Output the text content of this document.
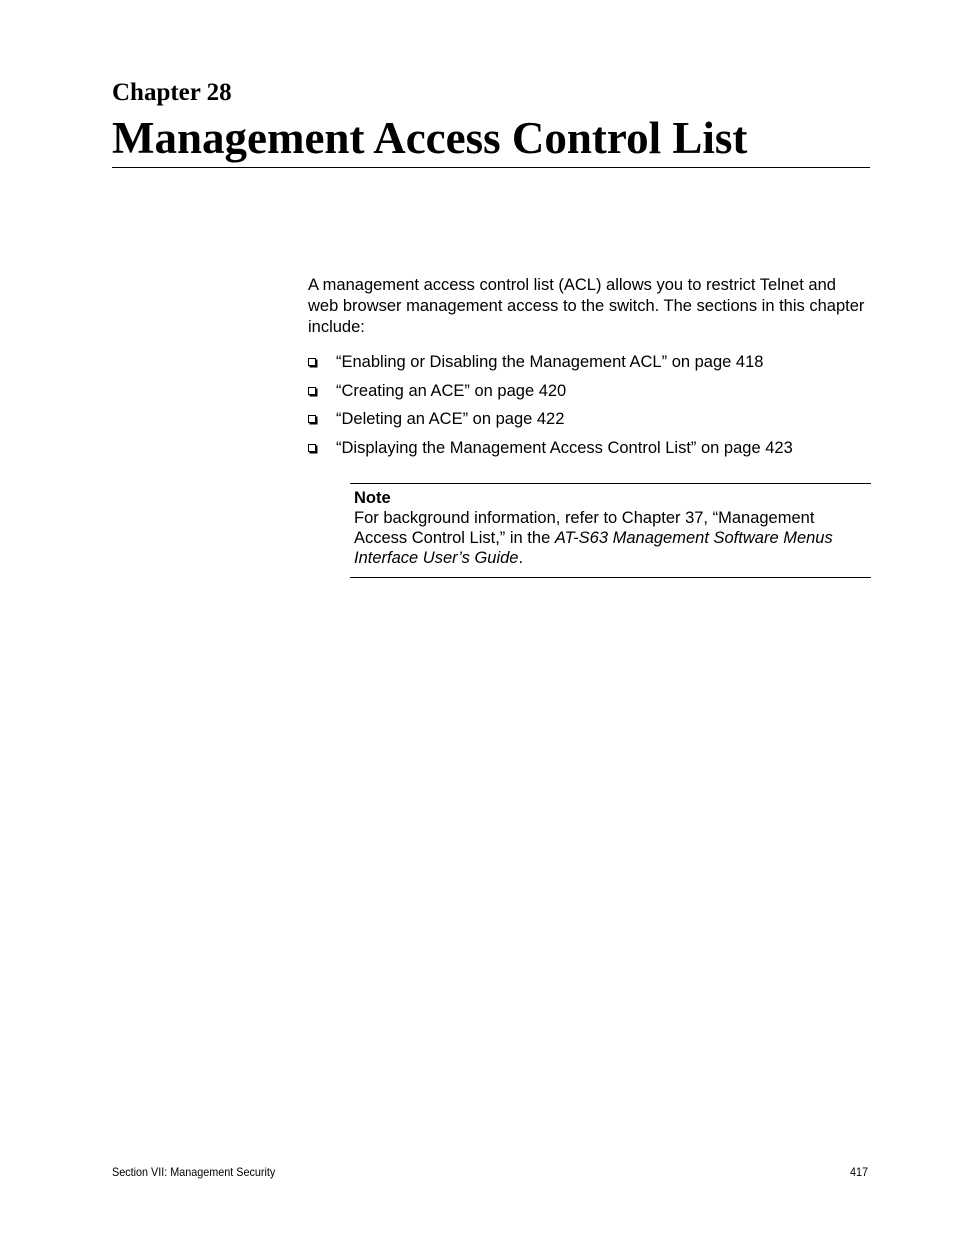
Chapter 28
Management Access Control List

A management access control list (ACL) allows you to restrict Telnet and web browser management access to the switch. The sections in this chapter include:

“Enabling or Disabling the Management ACL” on page 418
“Creating an ACE” on page 420
“Deleting an ACE” on page 422
“Displaying the Management Access Control List” on page 423

Note

For background information, refer to Chapter 37, “Management Access Control List,” in the AT-S63 Management Software Menus Interface User’s Guide.

Section VII: Management Security	417
